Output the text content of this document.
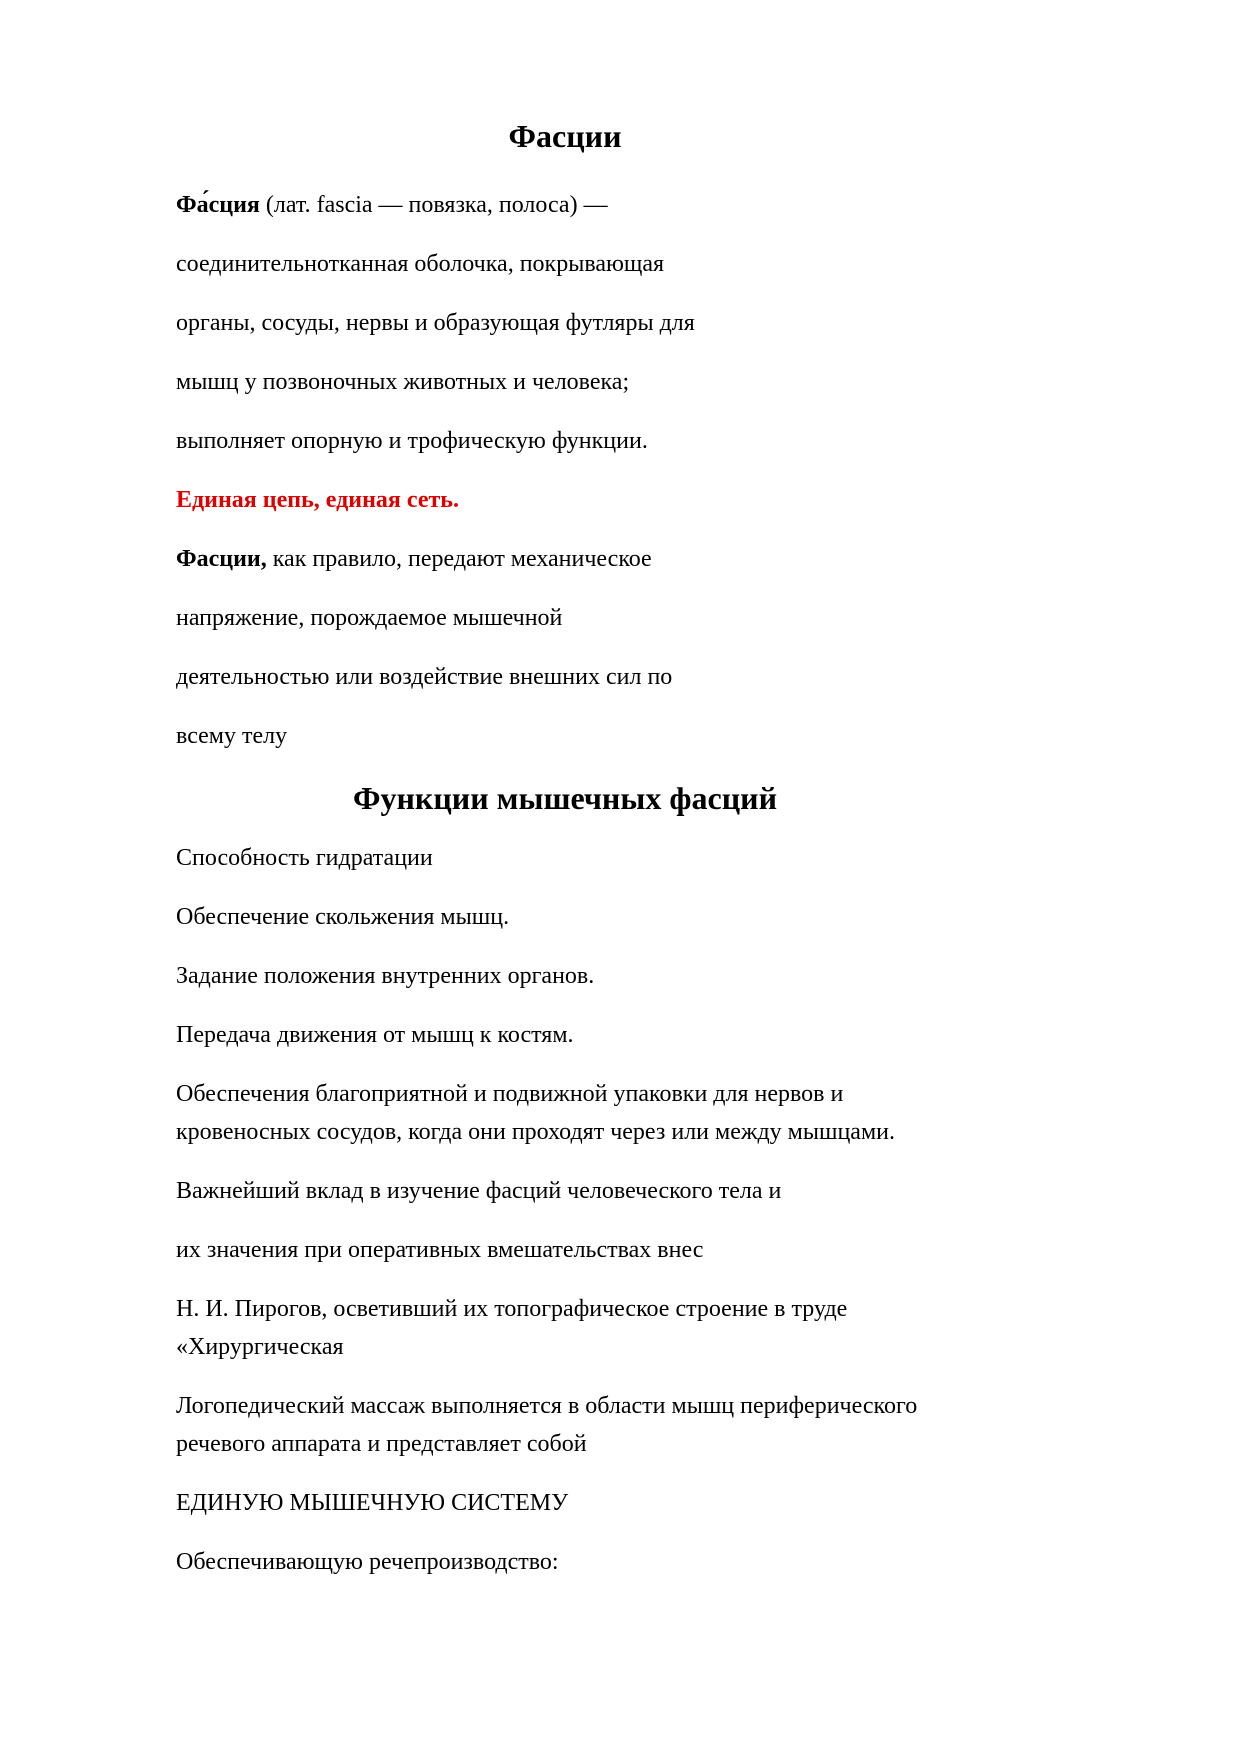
Фасции
Фа́сция (лат. fascia — повязка, полоса) —
соединительнотканная оболочка, покрывающая
органы, сосуды, нервы и образующая футляры для
мышц у позвоночных животных и человека;
выполняет опорную и трофическую функции.
Единая цепь, единая сеть.
Фасции, как правило, передают механическое
напряжение, порождаемое мышечной
деятельностью или воздействие внешних сил по
всему телу
Функции мышечных фасций
Способность гидратации
Обеспечение скольжения мышц.
Задание положения внутренних органов.
Передача движения от мышц к костям.
Обеспечения благоприятной и подвижной упаковки для нервов и
кровеносных сосудов, когда они проходят через или между мышцами.
Важнейший вклад в изучение фасций человеческого тела и
их значения при оперативных вмешательствах внес
Н. И. Пирогов, осветивший их топографическое строение в труде
«Хирургическая
Логопедический массаж выполняется в области мышц периферического
речевого аппарата и представляет собой
ЕДИНУЮ МЫШЕЧНУЮ СИСТЕМУ
Обеспечивающую речепроизводство:
